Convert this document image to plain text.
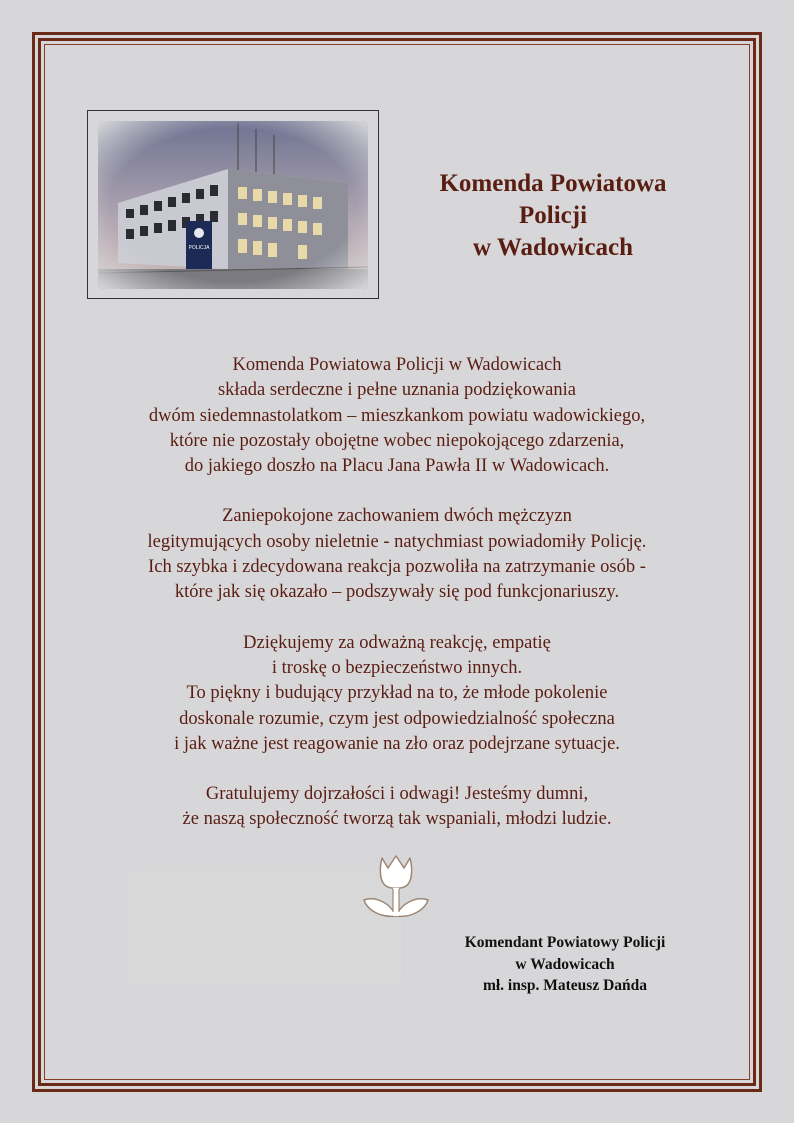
Komenda Powiatowa
Policji
w Wadowicach
Komenda Powiatowa Policji w Wadowicach
składa serdeczne i pełne uznania podziękowania
dwóm siedemnastolatkom – mieszkankom powiatu wadowickiego,
które nie pozostały obojętne wobec niepokojącego zdarzenia,
do jakiego doszło na Placu Jana Pawła II w Wadowicach.
Zaniepokojone zachowaniem dwóch mężczyzn
legitymujących osoby nieletnie - natychmiast powiadomiły Policję.
Ich szybka i zdecydowana reakcja pozwoliła na zatrzymanie osób -
które jak się okazało – podszywały się pod funkcjonariuszy.
Dziękujemy za odważną reakcję, empatię
i troskę o bezpieczeństwo innych.
To piękny i budujący przykład na to, że młode pokolenie
doskonale rozumie, czym jest odpowiedzialność społeczna
i jak ważne jest reagowanie na zło oraz podejrzane sytuacje.
Gratulujemy dojrzałości i odwagi! Jesteśmy dumni,
że naszą społeczność tworzą tak wspaniali, młodzi ludzie.
Komendant Powiatowy Policji
w Wadowicach
mł. insp. Mateusz Dańda
